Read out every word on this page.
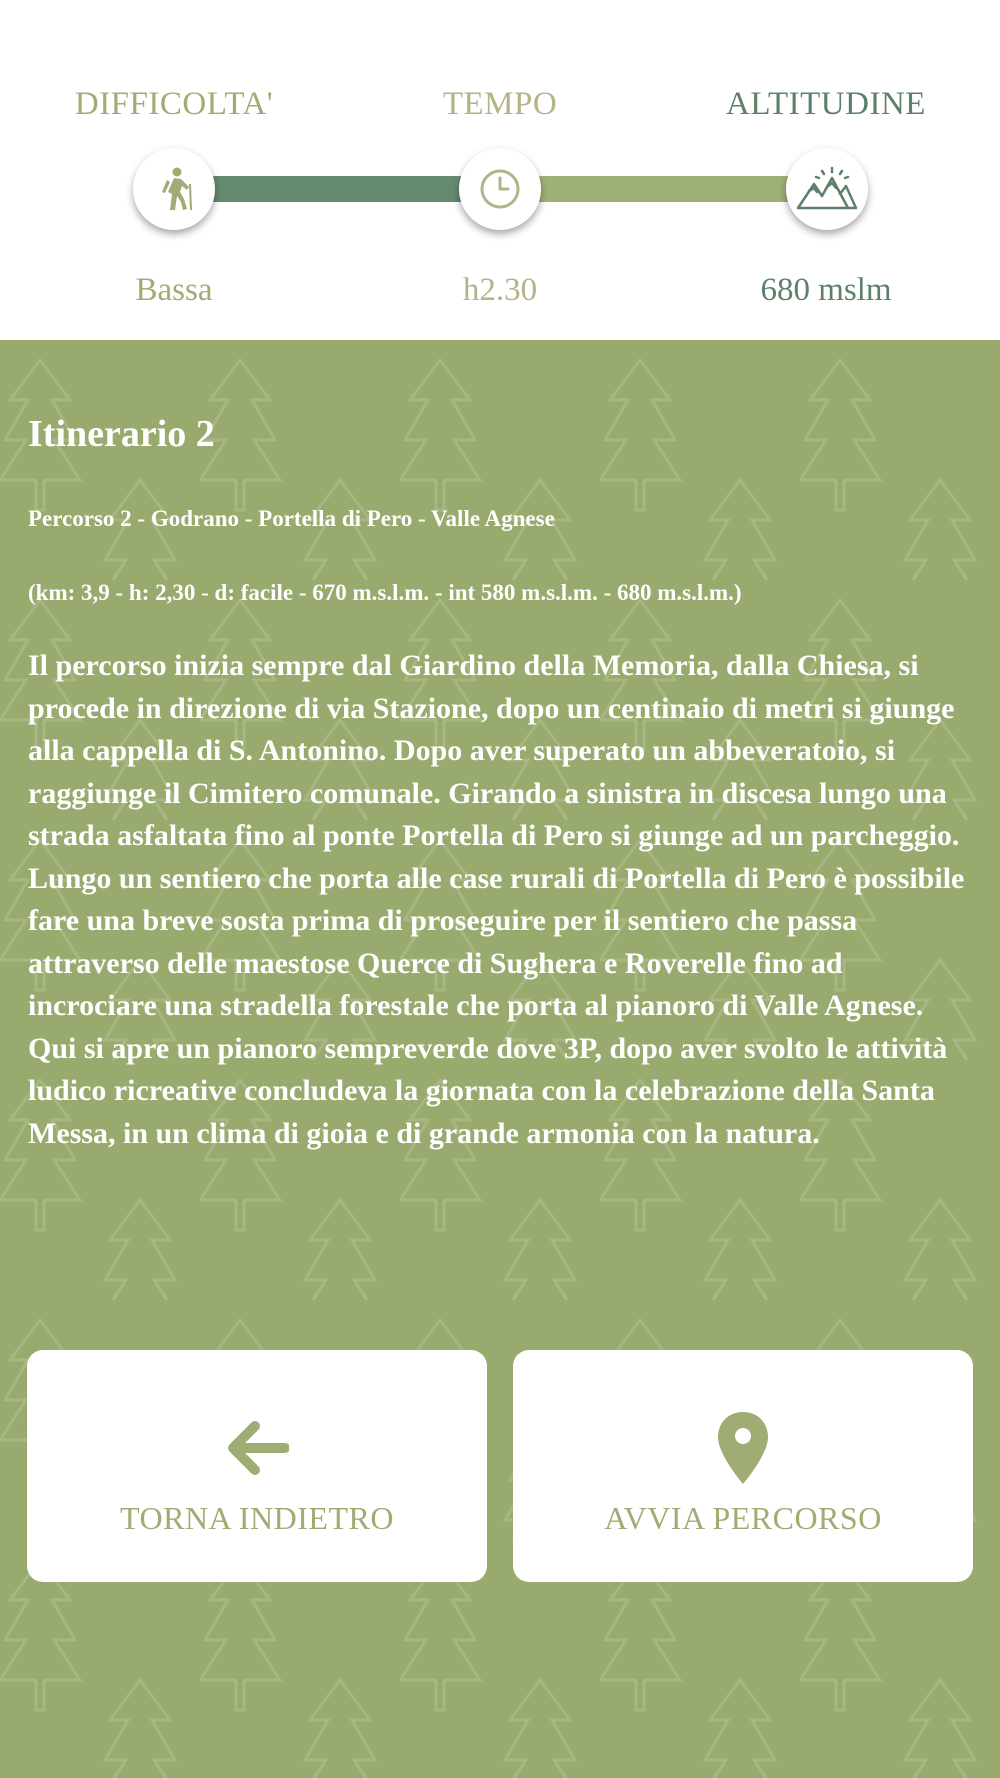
DIFFICOLTA'	TEMPO	ALTITUDINE
Bassa	h2.30	680 mslm
Itinerario 2
Percorso 2 - Godrano - Portella di Pero - Valle Agnese
(km: 3,9 - h: 2,30 - d: facile - 670 m.s.l.m. - int 580 m.s.l.m. - 680 m.s.l.m.)
Il percorso inizia sempre dal Giardino della Memoria, dalla Chiesa, si procede in direzione di via Stazione, dopo un centinaio di metri si giunge alla cappella di S. Antonino. Dopo aver superato un abbeveratoio, si raggiunge il Cimitero comunale. Girando a sinistra in discesa lungo una strada asfaltata fino al ponte Portella di Pero si giunge ad un parcheggio. Lungo un sentiero che porta alle case rurali di Portella di Pero è possibile fare una breve sosta prima di proseguire per il sentiero che passa attraverso delle maestose Querce di Sughera e Roverelle fino ad incrociare una stradella forestale che porta al pianoro di Valle Agnese. Qui si apre un pianoro sempreverde dove 3P, dopo aver svolto le attività ludico ricreative concludeva la giornata con la celebrazione della Santa Messa, in un clima di gioia e di grande armonia con la natura.
TORNA INDIETRO	AVVIA PERCORSO
